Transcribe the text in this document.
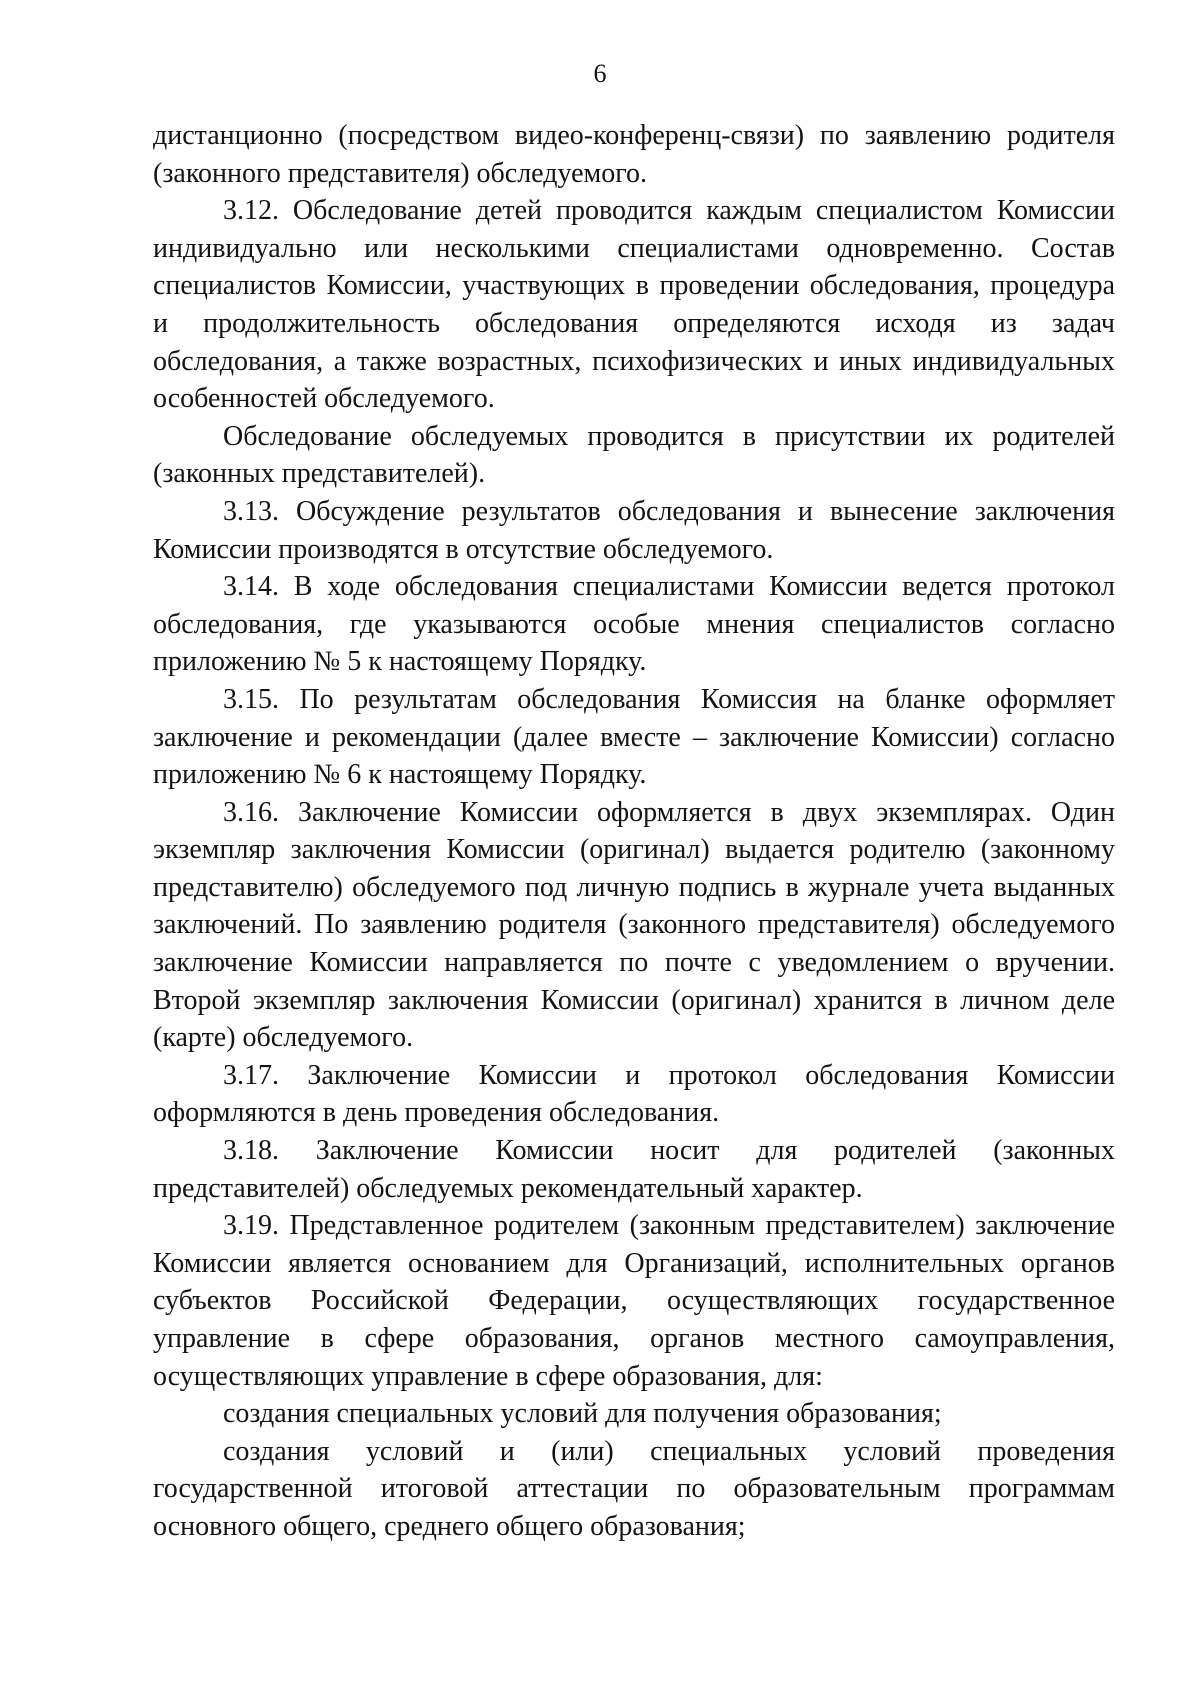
6

дистанционно (посредством видео-конференц-связи) по заявлению родителя (законного представителя) обследуемого.

3.12. Обследование детей проводится каждым специалистом Комиссии индивидуально или несколькими специалистами одновременно. Состав специалистов Комиссии, участвующих в проведении обследования, процедура и продолжительность обследования определяются исходя из задач обследования, а также возрастных, психофизических и иных индивидуальных особенностей обследуемого.

Обследование обследуемых проводится в присутствии их родителей (законных представителей).

3.13. Обсуждение результатов обследования и вынесение заключения Комиссии производятся в отсутствие обследуемого.

3.14. В ходе обследования специалистами Комиссии ведется протокол обследования, где указываются особые мнения специалистов согласно приложению № 5 к настоящему Порядку.

3.15. По результатам обследования Комиссия на бланке оформляет заключение и рекомендации (далее вместе – заключение Комиссии) согласно приложению № 6 к настоящему Порядку.

3.16. Заключение Комиссии оформляется в двух экземплярах. Один экземпляр заключения Комиссии (оригинал) выдается родителю (законному представителю) обследуемого под личную подпись в журнале учета выданных заключений. По заявлению родителя (законного представителя) обследуемого заключение Комиссии направляется по почте с уведомлением о вручении. Второй экземпляр заключения Комиссии (оригинал) хранится в личном деле (карте) обследуемого.

3.17. Заключение Комиссии и протокол обследования Комиссии оформляются в день проведения обследования.

3.18. Заключение Комиссии носит для родителей (законных представителей) обследуемых рекомендательный характер.

3.19. Представленное родителем (законным представителем) заключение Комиссии является основанием для Организаций, исполнительных органов субъектов Российской Федерации, осуществляющих государственное управление в сфере образования, органов местного самоуправления, осуществляющих управление в сфере образования, для:

создания специальных условий для получения образования;

создания условий и (или) специальных условий проведения государственной итоговой аттестации по образовательным программам основного общего, среднего общего образования;
